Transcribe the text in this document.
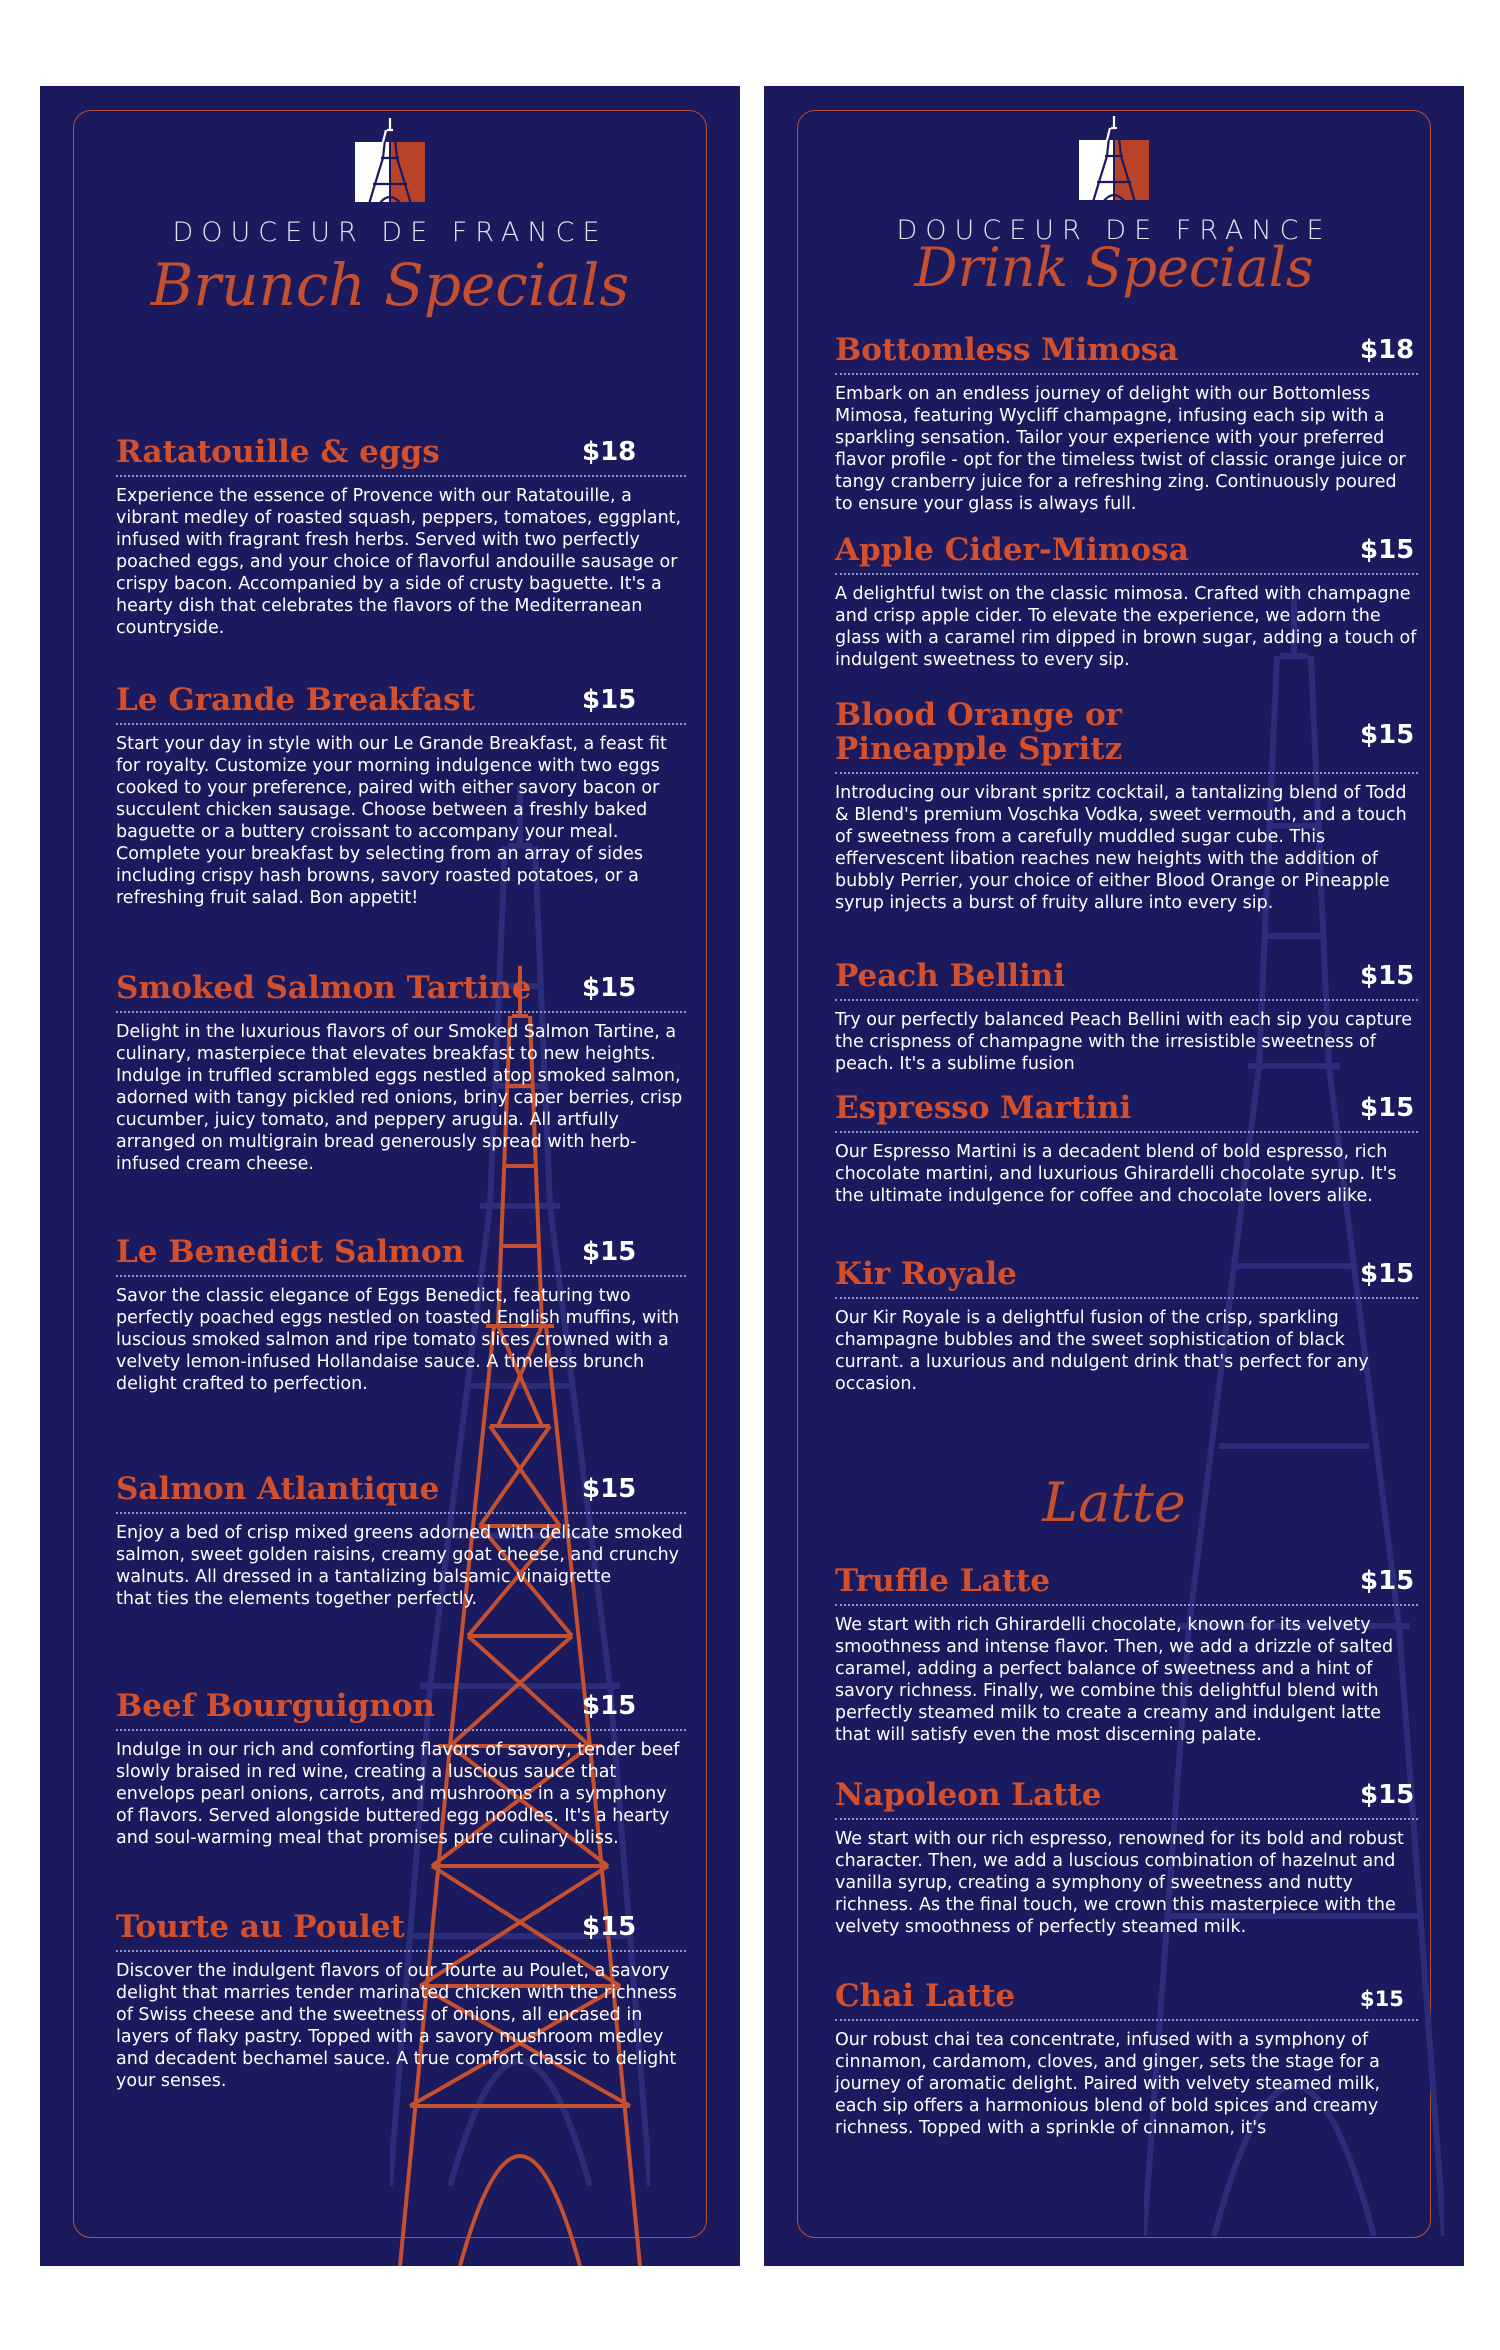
DOUCEUR DE FRANCE
Brunch Specials
Ratatouille & eggs	$18
Experience the essence of Provence with our Ratatouille, a vibrant medley of roasted squash, peppers, tomatoes, eggplant, infused with fragrant fresh herbs. Served with two perfectly poached eggs, and your choice of flavorful andouille sausage or crispy bacon. Accompanied by a side of crusty baguette. It's a hearty dish that celebrates the flavors of the Mediterranean countryside.
Le Grande Breakfast	$15
Start your day in style with our Le Grande Breakfast, a feast fit for royalty. Customize your morning indulgence with two eggs cooked to your preference, paired with either savory bacon or succulent chicken sausage. Choose between a freshly baked baguette or a buttery croissant to accompany your meal. Complete your breakfast by selecting from an array of sides including crispy hash browns, savory roasted potatoes, or a refreshing fruit salad. Bon appetit!
Smoked Salmon Tartine	$15
Delight in the luxurious flavors of our Smoked Salmon Tartine, a culinary, masterpiece that elevates breakfast to new heights. Indulge in truffled scrambled eggs nestled atop smoked salmon, adorned with tangy pickled red onions, briny caper berries, crisp cucumber, juicy tomato, and peppery arugula. All artfully arranged on multigrain bread generously spread with herb-infused cream cheese.
Le Benedict Salmon	$15
Savor the classic elegance of Eggs Benedict, featuring two perfectly poached eggs nestled on toasted English muffins, with luscious smoked salmon and ripe tomato slices crowned with a velvety lemon-infused Hollandaise sauce. A timeless brunch delight crafted to perfection.
Salmon Atlantique	$15
Enjoy a bed of crisp mixed greens adorned with delicate smoked salmon, sweet golden raisins, creamy goat cheese, and crunchy walnuts. All dressed in a tantalizing balsamic vinaigrette
that ties the elements together perfectly.
Beef Bourguignon	$15
Indulge in our rich and comforting flavors of savory, tender beef slowly braised in red wine, creating a luscious sauce that envelops pearl onions, carrots, and mushrooms in a symphony of flavors. Served alongside buttered egg noodles. It's a hearty and soul-warming meal that promises pure culinary bliss.
Tourte au Poulet	$15
Discover the indulgent flavors of our Tourte au Poulet, a savory delight that marries tender marinated chicken with the richness of Swiss cheese and the sweetness of onions, all encased in layers of flaky pastry. Topped with a savory mushroom medley and decadent bechamel sauce. A true comfort classic to delight your senses.
DOUCEUR DE FRANCE
Drink Specials
Bottomless Mimosa	$18
Embark on an endless journey of delight with our Bottomless Mimosa, featuring Wycliff champagne, infusing each sip with a sparkling sensation. Tailor your experience with your preferred flavor profile - opt for the timeless twist of classic orange juice or tangy cranberry juice for a refreshing zing. Continuously poured to ensure your glass is always full.
Apple Cider-Mimosa	$15
A delightful twist on the classic mimosa. Crafted with champagne and crisp apple cider. To elevate the experience, we adorn the glass with a caramel rim dipped in brown sugar, adding a touch of indulgent sweetness to every sip.
Blood Orange or Pineapple Spritz	$15
Introducing our vibrant spritz cocktail, a tantalizing blend of Todd & Blend's premium Voschka Vodka, sweet vermouth, and a touch of sweetness from a carefully muddled sugar cube. This effervescent libation reaches new heights with the addition of bubbly Perrier, your choice of either Blood Orange or Pineapple syrup injects a burst of fruity allure into every sip.
Peach Bellini	$15
Try our perfectly balanced Peach Bellini with each sip you capture the crispness of champagne with the irresistible sweetness of peach. It's a sublime fusion
Espresso Martini	$15
Our Espresso Martini is a decadent blend of bold espresso, rich chocolate martini, and luxurious Ghirardelli chocolate syrup. It's the ultimate indulgence for coffee and chocolate lovers alike.
Kir Royale	$15
Our Kir Royale is a delightful fusion of the crisp, sparkling champagne bubbles and the sweet sophistication of black currant. a luxurious and ndulgent drink that's perfect for any occasion.
Latte
Truffle Latte	$15
We start with rich Ghirardelli chocolate, known for its velvety smoothness and intense flavor. Then, we add a drizzle of salted caramel, adding a perfect balance of sweetness and a hint of savory richness. Finally, we combine this delightful blend with perfectly steamed milk to create a creamy and indulgent latte that will satisfy even the most discerning palate.
Napoleon Latte	$15
We start with our rich espresso, renowned for its bold and robust character. Then, we add a luscious combination of hazelnut and vanilla syrup, creating a symphony of sweetness and nutty richness. As the final touch, we crown this masterpiece with the velvety smoothness of perfectly steamed milk.
Chai Latte	$15
Our robust chai tea concentrate, infused with a symphony of cinnamon, cardamom, cloves, and ginger, sets the stage for a journey of aromatic delight. Paired with velvety steamed milk, each sip offers a harmonious blend of bold spices and creamy richness. Topped with a sprinkle of cinnamon, it's
